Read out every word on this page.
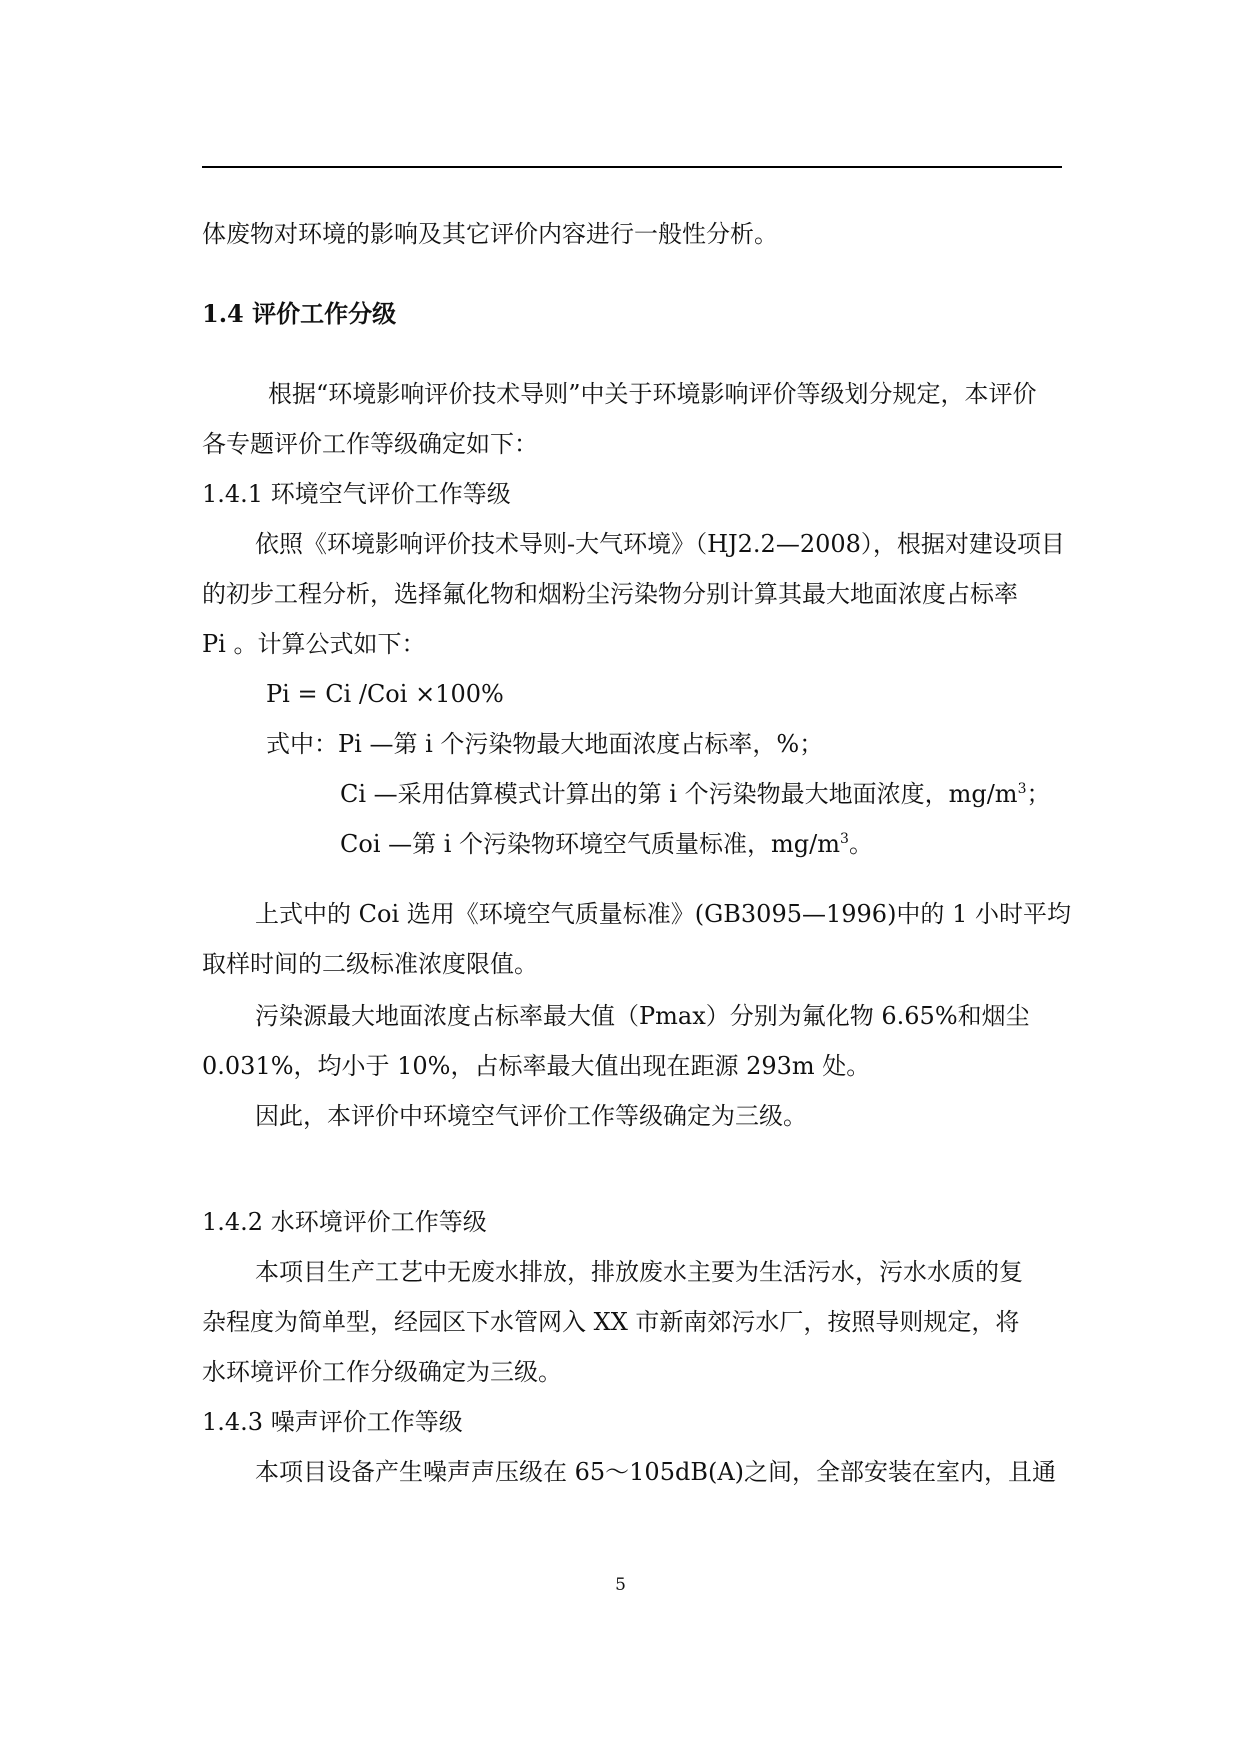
体废物对环境的影响及其它评价内容进行一般性分析。
1.4 评价工作分级
根据“环境影响评价技术导则”中关于环境影响评价等级划分规定，本评价
各专题评价工作等级确定如下：
1.4.1 环境空气评价工作等级
依照《环境影响评价技术导则-大气环境》（HJ2.2—2008），根据对建设项目
的初步工程分析，选择氟化物和烟粉尘污染物分别计算其最大地面浓度占标率
Pi 。计算公式如下：
Pi = Ci /Coi ×100%
式中：Pi —第 i 个污染物最大地面浓度占标率，%；
Ci —采用估算模式计算出的第 i 个污染物最大地面浓度，$mg/m^3$；
Coi —第 i 个污染物环境空气质量标准，$mg/m^3$。
上式中的 Coi 选用《环境空气质量标准》(GB3095—1996)中的 1 小时平均
取样时间的二级标准浓度限值。
污染源最大地面浓度占标率最大值（Pmax）分别为氟化物 6.65%和烟尘
0.031%，均小于 10%，占标率最大值出现在距源 293m 处。
因此，本评价中环境空气评价工作等级确定为三级。
1.4.2 水环境评价工作等级
本项目生产工艺中无废水排放，排放废水主要为生活污水，污水水质的复
杂程度为简单型，经园区下水管网入 XX 市新南郊污水厂，按照导则规定，将
水环境评价工作分级确定为三级。
1.4.3 噪声评价工作等级
本项目设备产生噪声声压级在 65～105dB(A)之间，全部安装在室内，且通
5
